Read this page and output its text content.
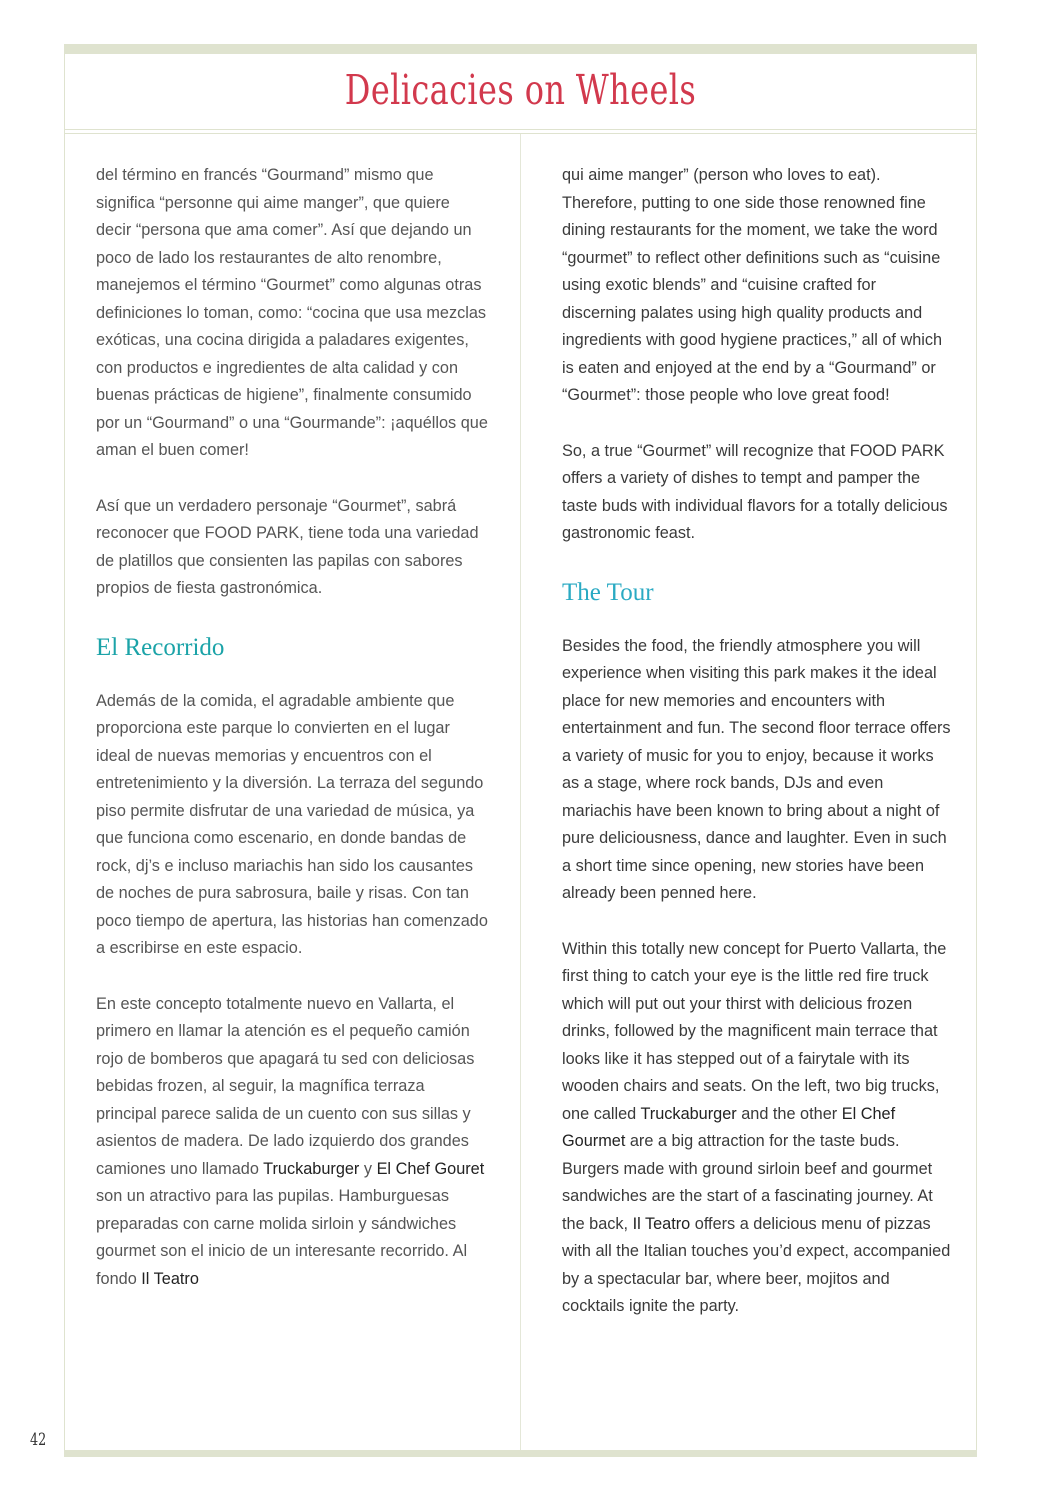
Delicacies on Wheels

del término en francés “Gourmand” mismo que significa “personne qui aime manger”, que quiere decir “persona que ama comer”. Así que dejando un poco de lado los restaurantes de alto renombre, manejemos el término “Gourmet” como algunas otras definiciones lo toman, como: “cocina que usa mezclas exóticas, una cocina dirigida a paladares exigentes, con productos e ingredientes de alta calidad y con buenas prácticas de higiene”, finalmente consumido por un “Gourmand” o una “Gourmande”: ¡aquéllos que aman el buen comer!

Así que un verdadero personaje “Gourmet”, sabrá reconocer que FOOD PARK, tiene toda una variedad de platillos que consienten las papilas con sabores propios de fiesta gastronómica.

El Recorrido

Además de la comida, el agradable ambiente que proporciona este parque lo convierten en el lugar ideal de nuevas memorias y encuentros con el entretenimiento y la diversión. La terraza del segundo piso permite disfrutar de una variedad de música, ya que funciona como escenario, en donde bandas de rock, dj’s e incluso mariachis han sido los causantes de noches de pura sabrosura, baile y risas. Con tan poco tiempo de apertura, las historias han comenzado a escribirse en este espacio.

En este concepto totalmente nuevo en Vallarta, el primero en llamar la atención es el pequeño camión rojo de bomberos que apagará tu sed con deliciosas bebidas frozen, al seguir, la magnífica terraza principal parece salida de un cuento con sus sillas y asientos de madera. De lado izquierdo dos grandes camiones uno llamado Truckaburger y El Chef Gouret son un atractivo para las pupilas. Hamburguesas preparadas con carne molida sirloin y sándwiches gourmet son el inicio de un interesante recorrido. Al fondo Il Teatro

qui aime manger” (person who loves to eat). Therefore, putting to one side those renowned fine dining restaurants for the moment, we take the word “gourmet” to reflect other definitions such as “cuisine using exotic blends” and “cuisine crafted for discerning palates using high quality products and ingredients with good hygiene practices,” all of which is eaten and enjoyed at the end by a “Gourmand” or “Gourmet”: those people who love great food!

So, a true “Gourmet” will recognize that FOOD PARK offers a variety of dishes to tempt and pamper the taste buds with individual flavors for a totally delicious gastronomic feast.

The Tour

Besides the food, the friendly atmosphere you will experience when visiting this park makes it the ideal place for new memories and encounters with entertainment and fun. The second floor terrace offers a variety of music for you to enjoy, because it works as a stage, where rock bands, DJs and even mariachis have been known to bring about a night of pure deliciousness, dance and laughter. Even in such a short time since opening, new stories have been already been penned here.

Within this totally new concept for Puerto Vallarta, the first thing to catch your eye is the little red fire truck which will put out your thirst with delicious frozen drinks, followed by the magnificent main terrace that looks like it has stepped out of a fairytale with its wooden chairs and seats. On the left, two big trucks, one called Truckaburger and the other El Chef Gourmet are a big attraction for the taste buds. Burgers made with ground sirloin beef and gourmet sandwiches are the start of a fascinating journey. At the back, Il Teatro offers a delicious menu of pizzas with all the Italian touches you’d expect, accompanied by a spectacular bar, where beer, mojitos and cocktails ignite the party.

42
